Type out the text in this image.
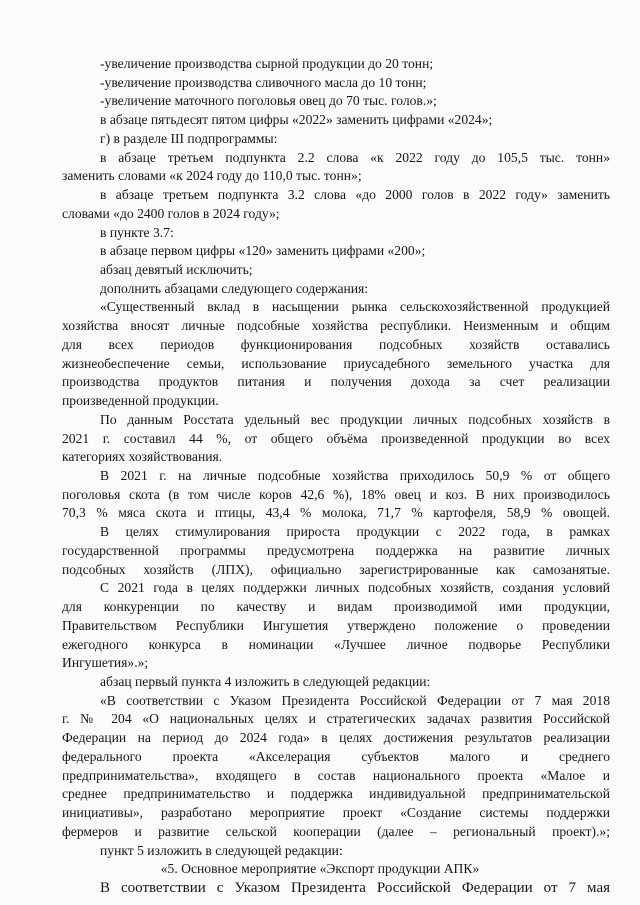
-увеличение производства сырной продукции до 20 тонн;
-увеличение производства сливочного масла до 10 тонн;
-увеличение маточного поголовья овец до 70 тыс. голов.»;
в абзаце пятьдесят пятом цифры «2022» заменить цифрами «2024»;
г) в разделе III подпрограммы:
в абзаце третьем подпункта 2.2 слова «к 2022 году до 105,5 тыс. тонн»
заменить словами «к 2024 году до 110,0 тыс. тонн»;
в абзаце третьем подпункта 3.2 слова «до 2000 голов в 2022 году» заменить
словами «до 2400 голов в 2024 году»;
в пункте 3.7:
в абзаце первом цифры «120» заменить цифрами «200»;
абзац девятый исключить;
дополнить абзацами следующего содержания:
«Существенный вклад в насыщении рынка сельскохозяйственной продукцией
хозяйства вносят личные подсобные хозяйства республики. Неизменным и общим
для всех периодов функционирования подсобных хозяйств оставались
жизнеобеспечение семьи, использование приусадебного земельного участка для
производства продуктов питания и получения дохода за счет реализации
произведенной продукции.
По данным Росстата удельный вес продукции личных подсобных хозяйств в
2021 г. составил 44 %, от общего объёма произведенной продукции во всех
категориях хозяйствования.
В 2021 г. на личные подсобные хозяйства приходилось 50,9 % от общего
поголовья скота (в том числе коров 42,6 %), 18% овец и коз. В них производилось
70,3 % мяса скота и птицы, 43,4 % молока, 71,7 % картофеля, 58,9 % овощей.
В целях стимулирования прироста продукции с 2022 года, в рамках
государственной программы предусмотрена поддержка на развитие личных
подсобных хозяйств (ЛПХ), официально зарегистрированные как самозанятые.
С 2021 года в целях поддержки личных подсобных хозяйств, создания условий
для конкуренции по качеству и видам производимой ими продукции,
Правительством Республики Ингушетия утверждено положение о проведении
ежегодного конкурса в номинации «Лучшее личное подворье Республики
Ингушетия».»;
абзац первый пункта 4 изложить в следующей редакции:
«В соответствии с Указом Президента Российской Федерации от 7 мая 2018
г. № 204 «О национальных целях и стратегических задачах развития Российской
Федерации на период до 2024 года» в целях достижения результатов реализации
федерального проекта «Акселерация субъектов малого и среднего
предпринимательства», входящего в состав национального проекта «Малое и
среднее предпринимательство и поддержка индивидуальной предпринимательской
инициативы», разработано мероприятие проект «Создание системы поддержки
фермеров и развитие сельской кооперации (далее – региональный проект).»;
пункт 5 изложить в следующей редакции:
«5. Основное мероприятие «Экспорт продукции АПК»
В соответствии с Указом Президента Российской Федерации от 7 мая
